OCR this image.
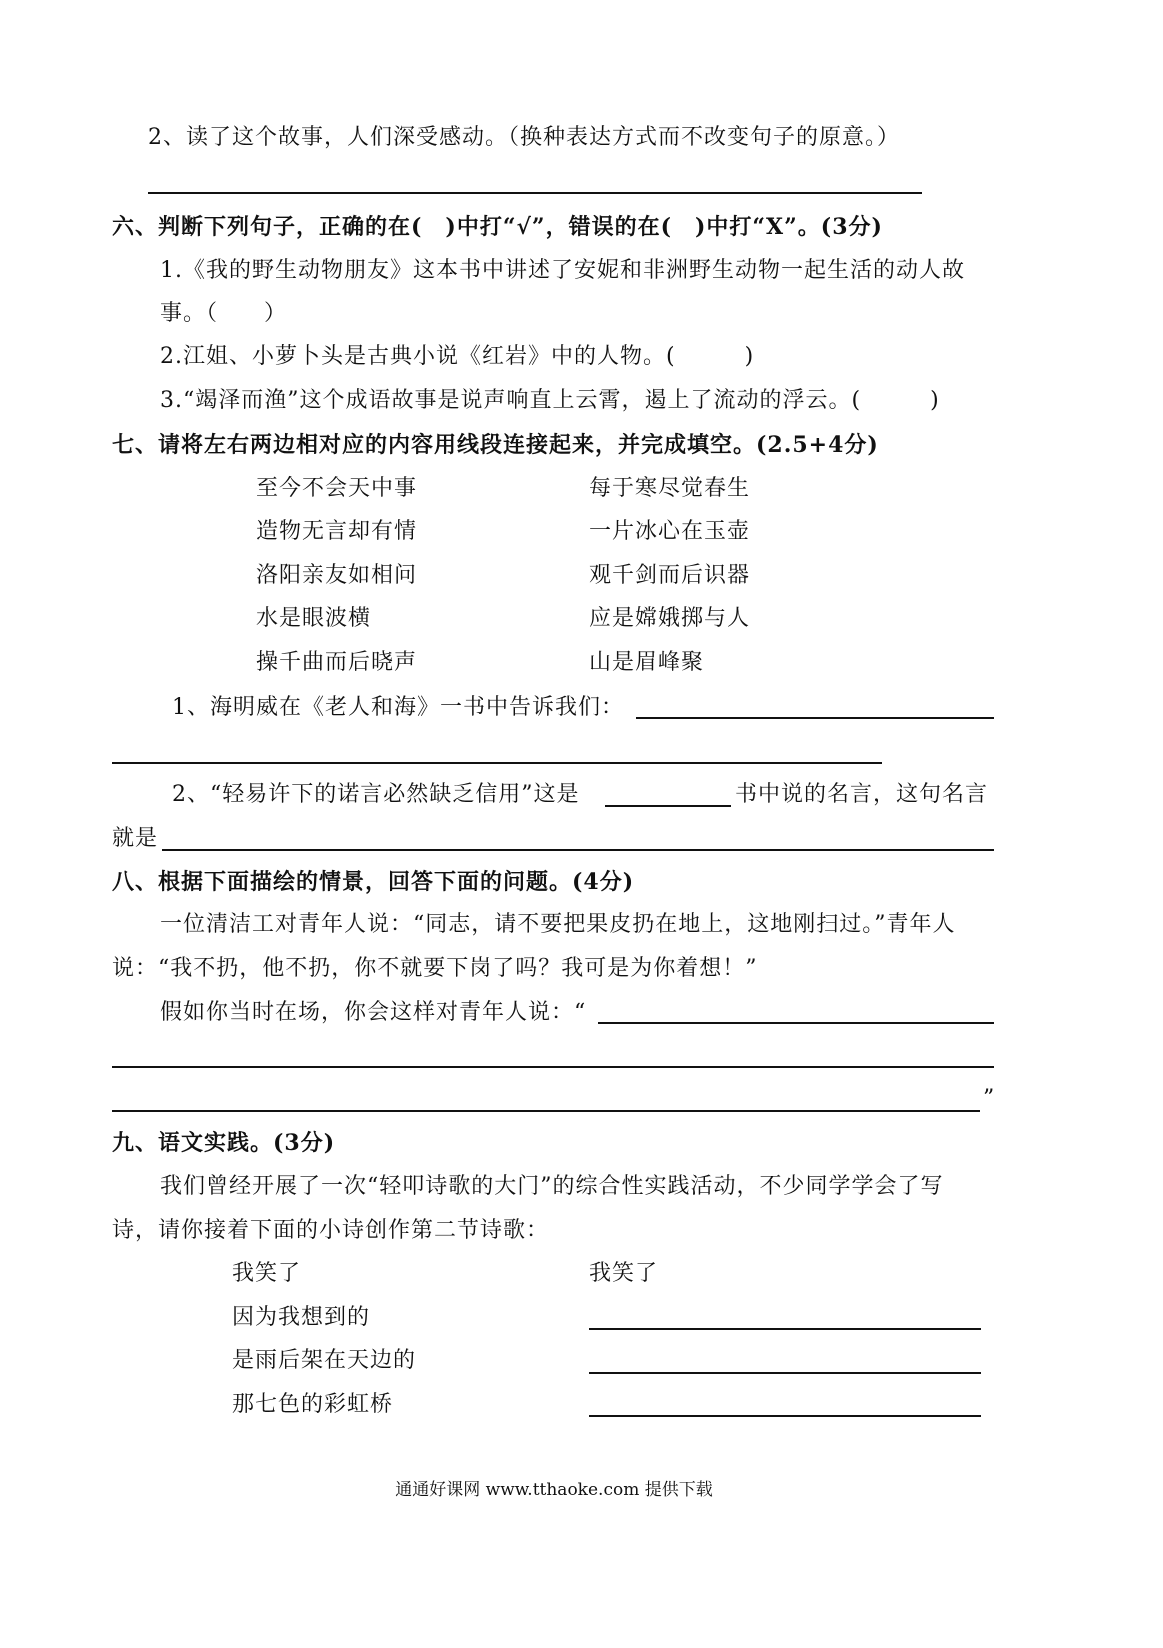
2、读了这个故事，人们深受感动。（换种表达方式而不改变句子的原意。）
六、判断下列句子，正确的在(　)中打“√”，错误的在(　)中打“X”。(3分)
1.《我的野生动物朋友》这本书中讲述了安妮和非洲野生动物一起生活的动人故
事。（　　）
2.江姐、小萝卜头是古典小说《红岩》中的人物。(　　　)
3.“竭泽而渔”这个成语故事是说声响直上云霄，遏上了流动的浮云。(　　　)
七、请将左右两边相对应的内容用线段连接起来，并完成填空。(2.5+4分)
至今不会天中事
造物无言却有情
洛阳亲友如相问
水是眼波横
操千曲而后晓声
每于寒尽觉春生
一片冰心在玉壶
观千剑而后识器
应是嫦娥掷与人
山是眉峰聚
1、海明威在《老人和海》一书中告诉我们：
2、“轻易许下的诺言必然缺乏信用”这是	书中说的名言，这句名言
就是
八、根据下面描绘的情景，回答下面的问题。(4分)
一位清洁工对青年人说：“同志，请不要把果皮扔在地上，这地刚扫过。”青年人
说：“我不扔，他不扔，你不就要下岗了吗？我可是为你着想！”
假如你当时在场，你会这样对青年人说：“
”
九、语文实践。(3分)
我们曾经开展了一次“轻叩诗歌的大门”的综合性实践活动，不少同学学会了写
诗，请你接着下面的小诗创作第二节诗歌：
我笑了
因为我想到的
是雨后架在天边的
那七色的彩虹桥
我笑了
通通好课网 www.tthaoke.com 提供下载
